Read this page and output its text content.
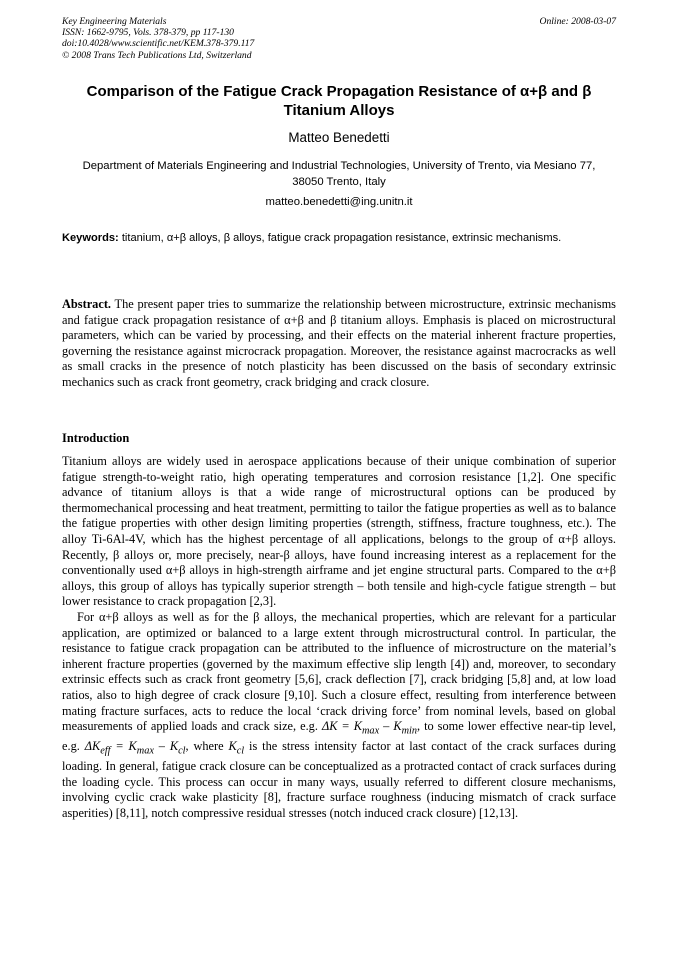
Key Engineering Materials
ISSN: 1662-9795, Vols. 378-379, pp 117-130
doi:10.4028/www.scientific.net/KEM.378-379.117
© 2008 Trans Tech Publications Ltd, Switzerland
Online: 2008-03-07
Comparison of the Fatigue Crack Propagation Resistance of α+β and β Titanium Alloys
Matteo Benedetti
Department of Materials Engineering and Industrial Technologies, University of Trento, via Mesiano 77, 38050 Trento, Italy
matteo.benedetti@ing.unitn.it
Keywords: titanium, α+β alloys, β alloys, fatigue crack propagation resistance, extrinsic mechanisms.
Abstract. The present paper tries to summarize the relationship between microstructure, extrinsic mechanisms and fatigue crack propagation resistance of α+β and β titanium alloys. Emphasis is placed on microstructural parameters, which can be varied by processing, and their effects on the material inherent fracture properties, governing the resistance against microcrack propagation. Moreover, the resistance against macrocracks as well as small cracks in the presence of notch plasticity has been discussed on the basis of secondary extrinsic mechanics such as crack front geometry, crack bridging and crack closure.
Introduction

Titanium alloys are widely used in aerospace applications because of their unique combination of superior fatigue strength-to-weight ratio, high operating temperatures and corrosion resistance [1,2]. One specific advance of titanium alloys is that a wide range of microstructural options can be produced by thermomechanical processing and heat treatment, permitting to tailor the fatigue properties as well as to balance the fatigue properties with other design limiting properties (strength, stiffness, fracture toughness, etc.). The alloy Ti-6Al-4V, which has the highest percentage of all applications, belongs to the group of α+β alloys. Recently, β alloys or, more precisely, near-β alloys, have found increasing interest as a replacement for the conventionally used α+β alloys in high-strength airframe and jet engine structural parts. Compared to the α+β alloys, this group of alloys has typically superior strength – both tensile and high-cycle fatigue strength – but lower resistance to crack propagation [2,3].

For α+β alloys as well as for the β alloys, the mechanical properties, which are relevant for a particular application, are optimized or balanced to a large extent through microstructural control. In particular, the resistance to fatigue crack propagation can be attributed to the influence of microstructure on the material’s inherent fracture properties (governed by the maximum effective slip length [4]) and, moreover, to secondary extrinsic effects such as crack front geometry [5,6], crack deflection [7], crack bridging [5,8] and, at low load ratios, also to high degree of crack closure [9,10]. Such a closure effect, resulting from interference between mating fracture surfaces, acts to reduce the local ‘crack driving force’ from nominal levels, based on global measurements of applied loads and crack size, e.g. $\Delta K = K_{max} - K_{min}$, to some lower effective near-tip level, e.g. $\Delta K_{eff} = K_{max} - K_{cl}$, where $K_{cl}$ is the stress intensity factor at last contact of the crack surfaces during loading. In general, fatigue crack closure can be conceptualized as a protracted contact of crack surfaces during the loading cycle. This process can occur in many ways, usually referred to different closure mechanisms, involving cyclic crack wake plasticity [8], fracture surface roughness (inducing mismatch of crack surface asperities) [8,11], notch compressive residual stresses (notch induced crack closure) [12,13].
